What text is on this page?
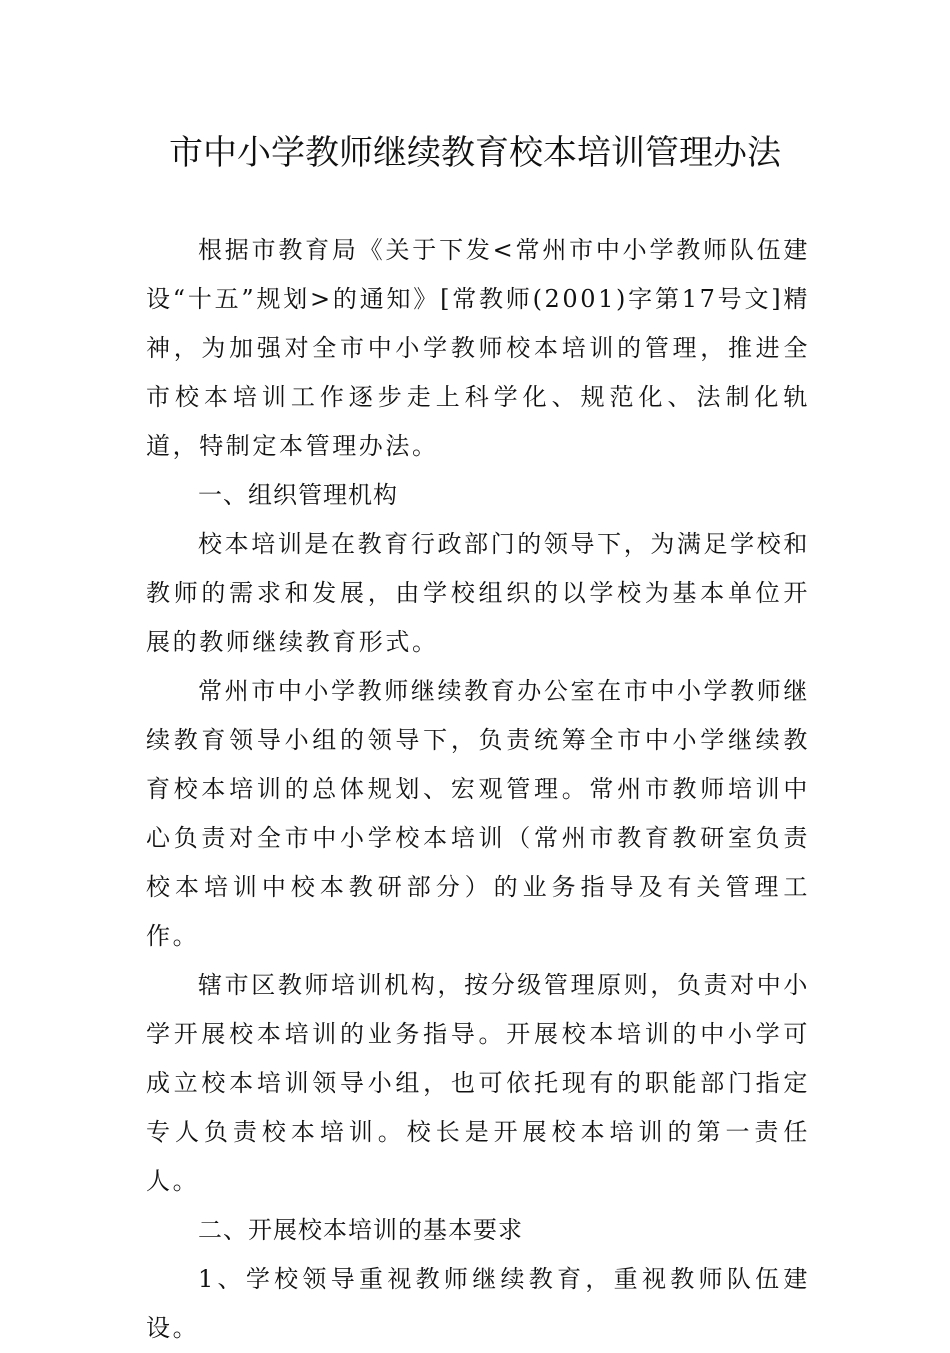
市中小学教师继续教育校本培训管理办法

根据市教育局《关于下发<常州市中小学教师队伍建设“十五”规划>的通知》[常教师(2001)字第17号文]精神，为加强对全市中小学教师校本培训的管理，推进全市校本培训工作逐步走上科学化、规范化、法制化轨道，特制定本管理办法。

一、组织管理机构

校本培训是在教育行政部门的领导下，为满足学校和教师的需求和发展，由学校组织的以学校为基本单位开展的教师继续教育形式。

常州市中小学教师继续教育办公室在市中小学教师继续教育领导小组的领导下，负责统筹全市中小学继续教育校本培训的总体规划、宏观管理。常州市教师培训中心负责对全市中小学校本培训（常州市教育教研室负责校本培训中校本教研部分）的业务指导及有关管理工作。

辖市区教师培训机构，按分级管理原则，负责对中小学开展校本培训的业务指导。开展校本培训的中小学可成立校本培训领导小组，也可依托现有的职能部门指定专人负责校本培训。校长是开展校本培训的第一责任人。

二、开展校本培训的基本要求

1、学校领导重视教师继续教育，重视教师队伍建设。
